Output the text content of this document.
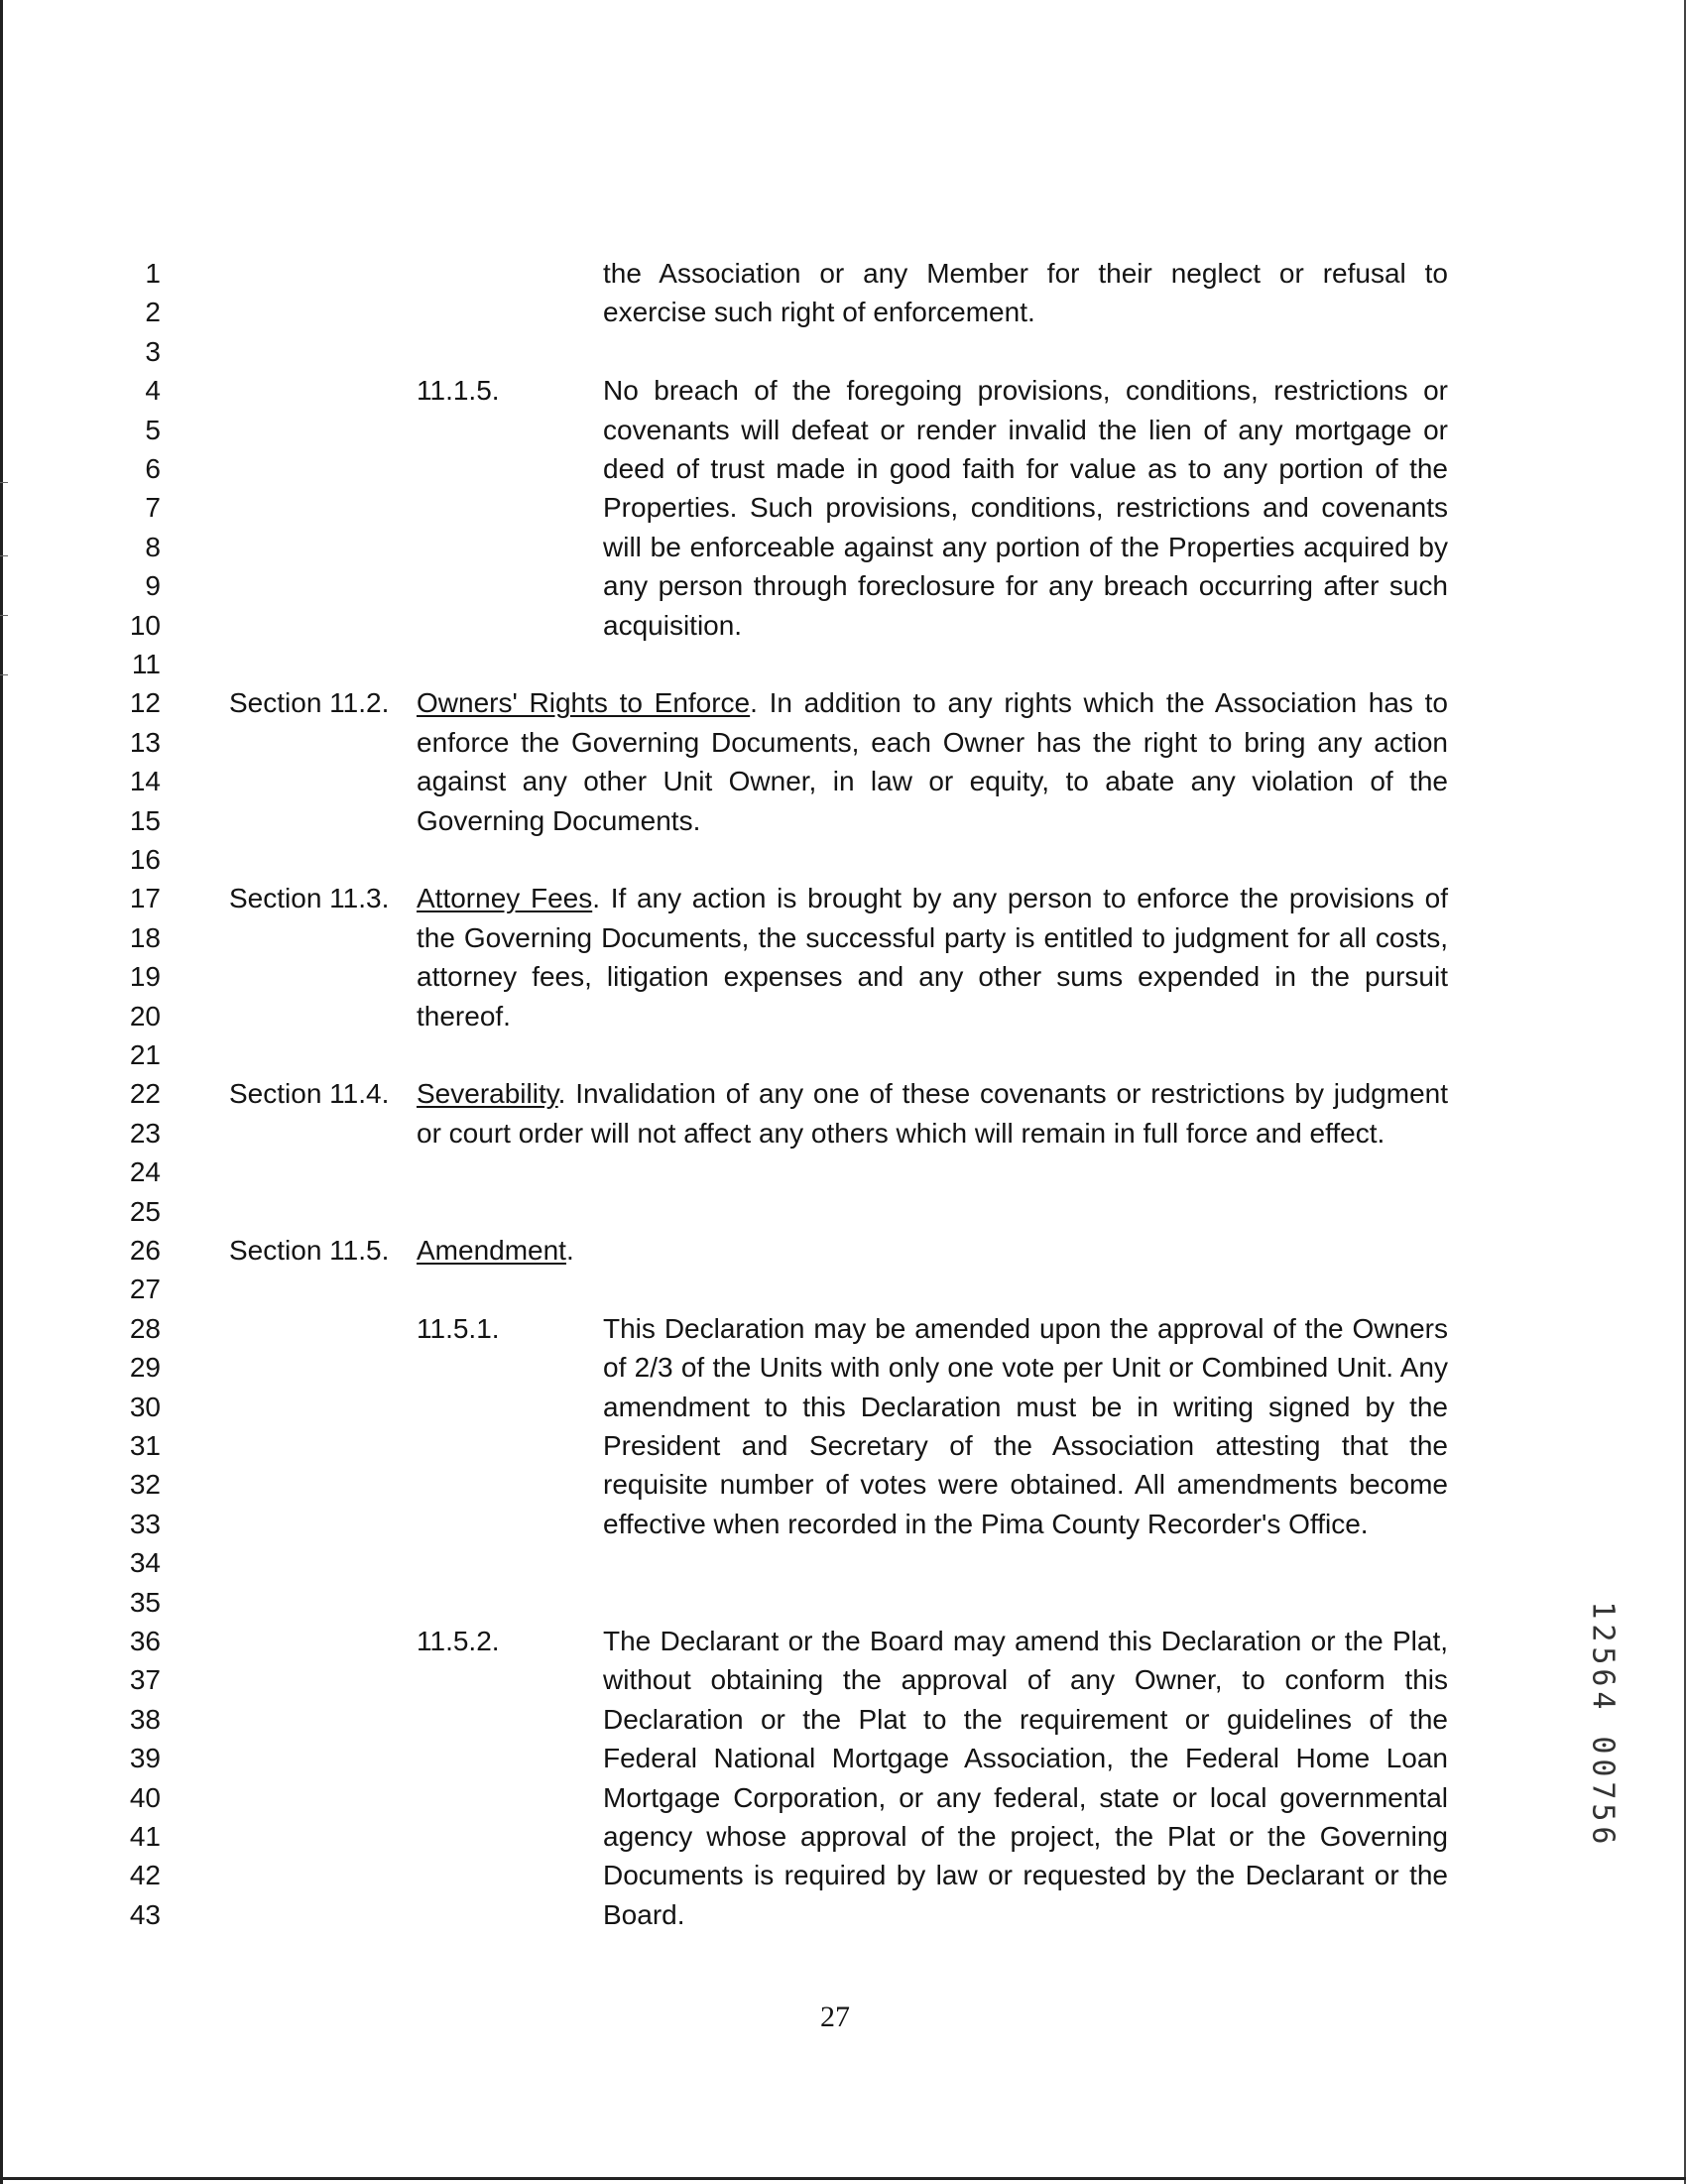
1
2
3
4
5
6
7
8
9
10
11
12
13
14
15
16
17
18
19
20
21
22
23
24
25
26
27
28
29
30
31
32
33
34
35
36
37
38
39
40
41
42
43
the Association or any Member for their neglect or refusal to exercise such right of enforcement.
11.1.5.	No breach of the foregoing provisions, conditions, restrictions or covenants will defeat or render invalid the lien of any mortgage or deed of trust made in good faith for value as to any portion of the Properties. Such provisions, conditions, restrictions and covenants will be enforceable against any portion of the Properties acquired by any person through foreclosure for any breach occurring after such acquisition.
Section 11.2. Owners' Rights to Enforce. In addition to any rights which the Association has to enforce the Governing Documents, each Owner has the right to bring any action against any other Unit Owner, in law or equity, to abate any violation of the Governing Documents.
Section 11.3. Attorney Fees. If any action is brought by any person to enforce the provisions of the Governing Documents, the successful party is entitled to judgment for all costs, attorney fees, litigation expenses and any other sums expended in the pursuit thereof.
Section 11.4. Severability. Invalidation of any one of these covenants or restrictions by judgment or court order will not affect any others which will remain in full force and effect.
Section 11.5. Amendment.
11.5.1.	This Declaration may be amended upon the approval of the Owners of 2/3 of the Units with only one vote per Unit or Combined Unit. Any amendment to this Declaration must be in writing signed by the President and Secretary of the Association attesting that the requisite number of votes were obtained. All amendments become effective when recorded in the Pima County Recorder's Office.
11.5.2.	The Declarant or the Board may amend this Declaration or the Plat, without obtaining the approval of any Owner, to conform this Declaration or the Plat to the requirement or guidelines of the Federal National Mortgage Association, the Federal Home Loan Mortgage Corporation, or any federal, state or local governmental agency whose approval of the project, the Plat or the Governing Documents is required by law or requested by the Declarant or the Board.
27
1
2
5
6
4
0
0
7
5
6
